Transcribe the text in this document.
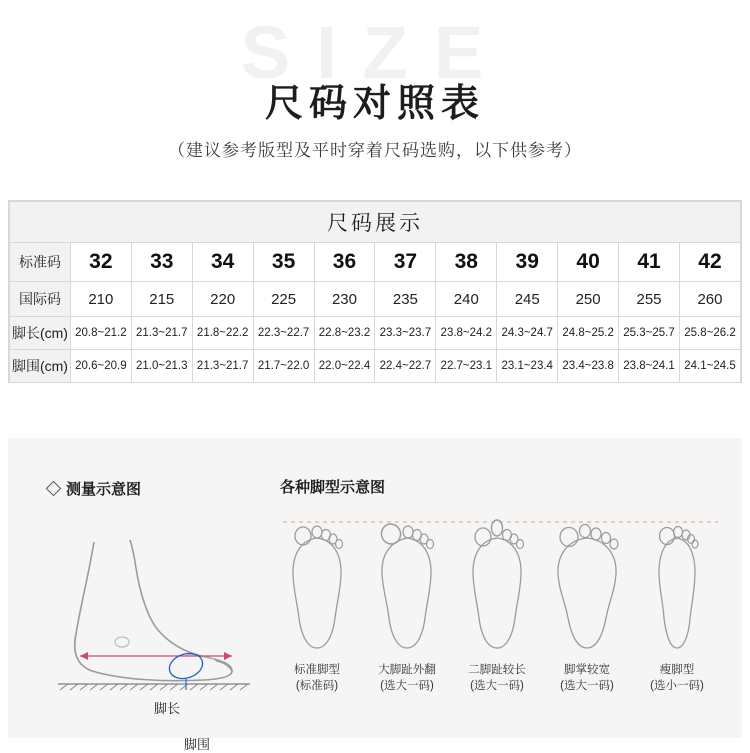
SIZE
尺码对照表
（建议参考版型及平时穿着尺码选购，以下供参考）
尺码展示											
标准码	32	33	34	35	36	37	38	39	40	41	42
国际码	210	215	220	225	230	235	240	245	250	255	260
脚长(cm)	20.8~21.2	21.3~21.7	21.8~22.2	22.3~22.7	22.8~23.2	23.3~23.7	23.8~24.2	24.3~24.7	24.8~25.2	25.3~25.7	25.8~26.2
脚围(cm)	20.6~20.9	21.0~21.3	21.3~21.7	21.7~22.0	22.0~22.4	22.4~22.7	22.7~23.1	23.1~23.4	23.4~23.8	23.8~24.1	24.1~24.5
测量示意图	各种脚型示意图
脚长
脚围
标准脚型
(标准码)
大脚趾外翻
(选大一码)
二脚趾较长
(选大一码)
脚掌较宽
(选大一码)
瘦脚型
(选小一码)
